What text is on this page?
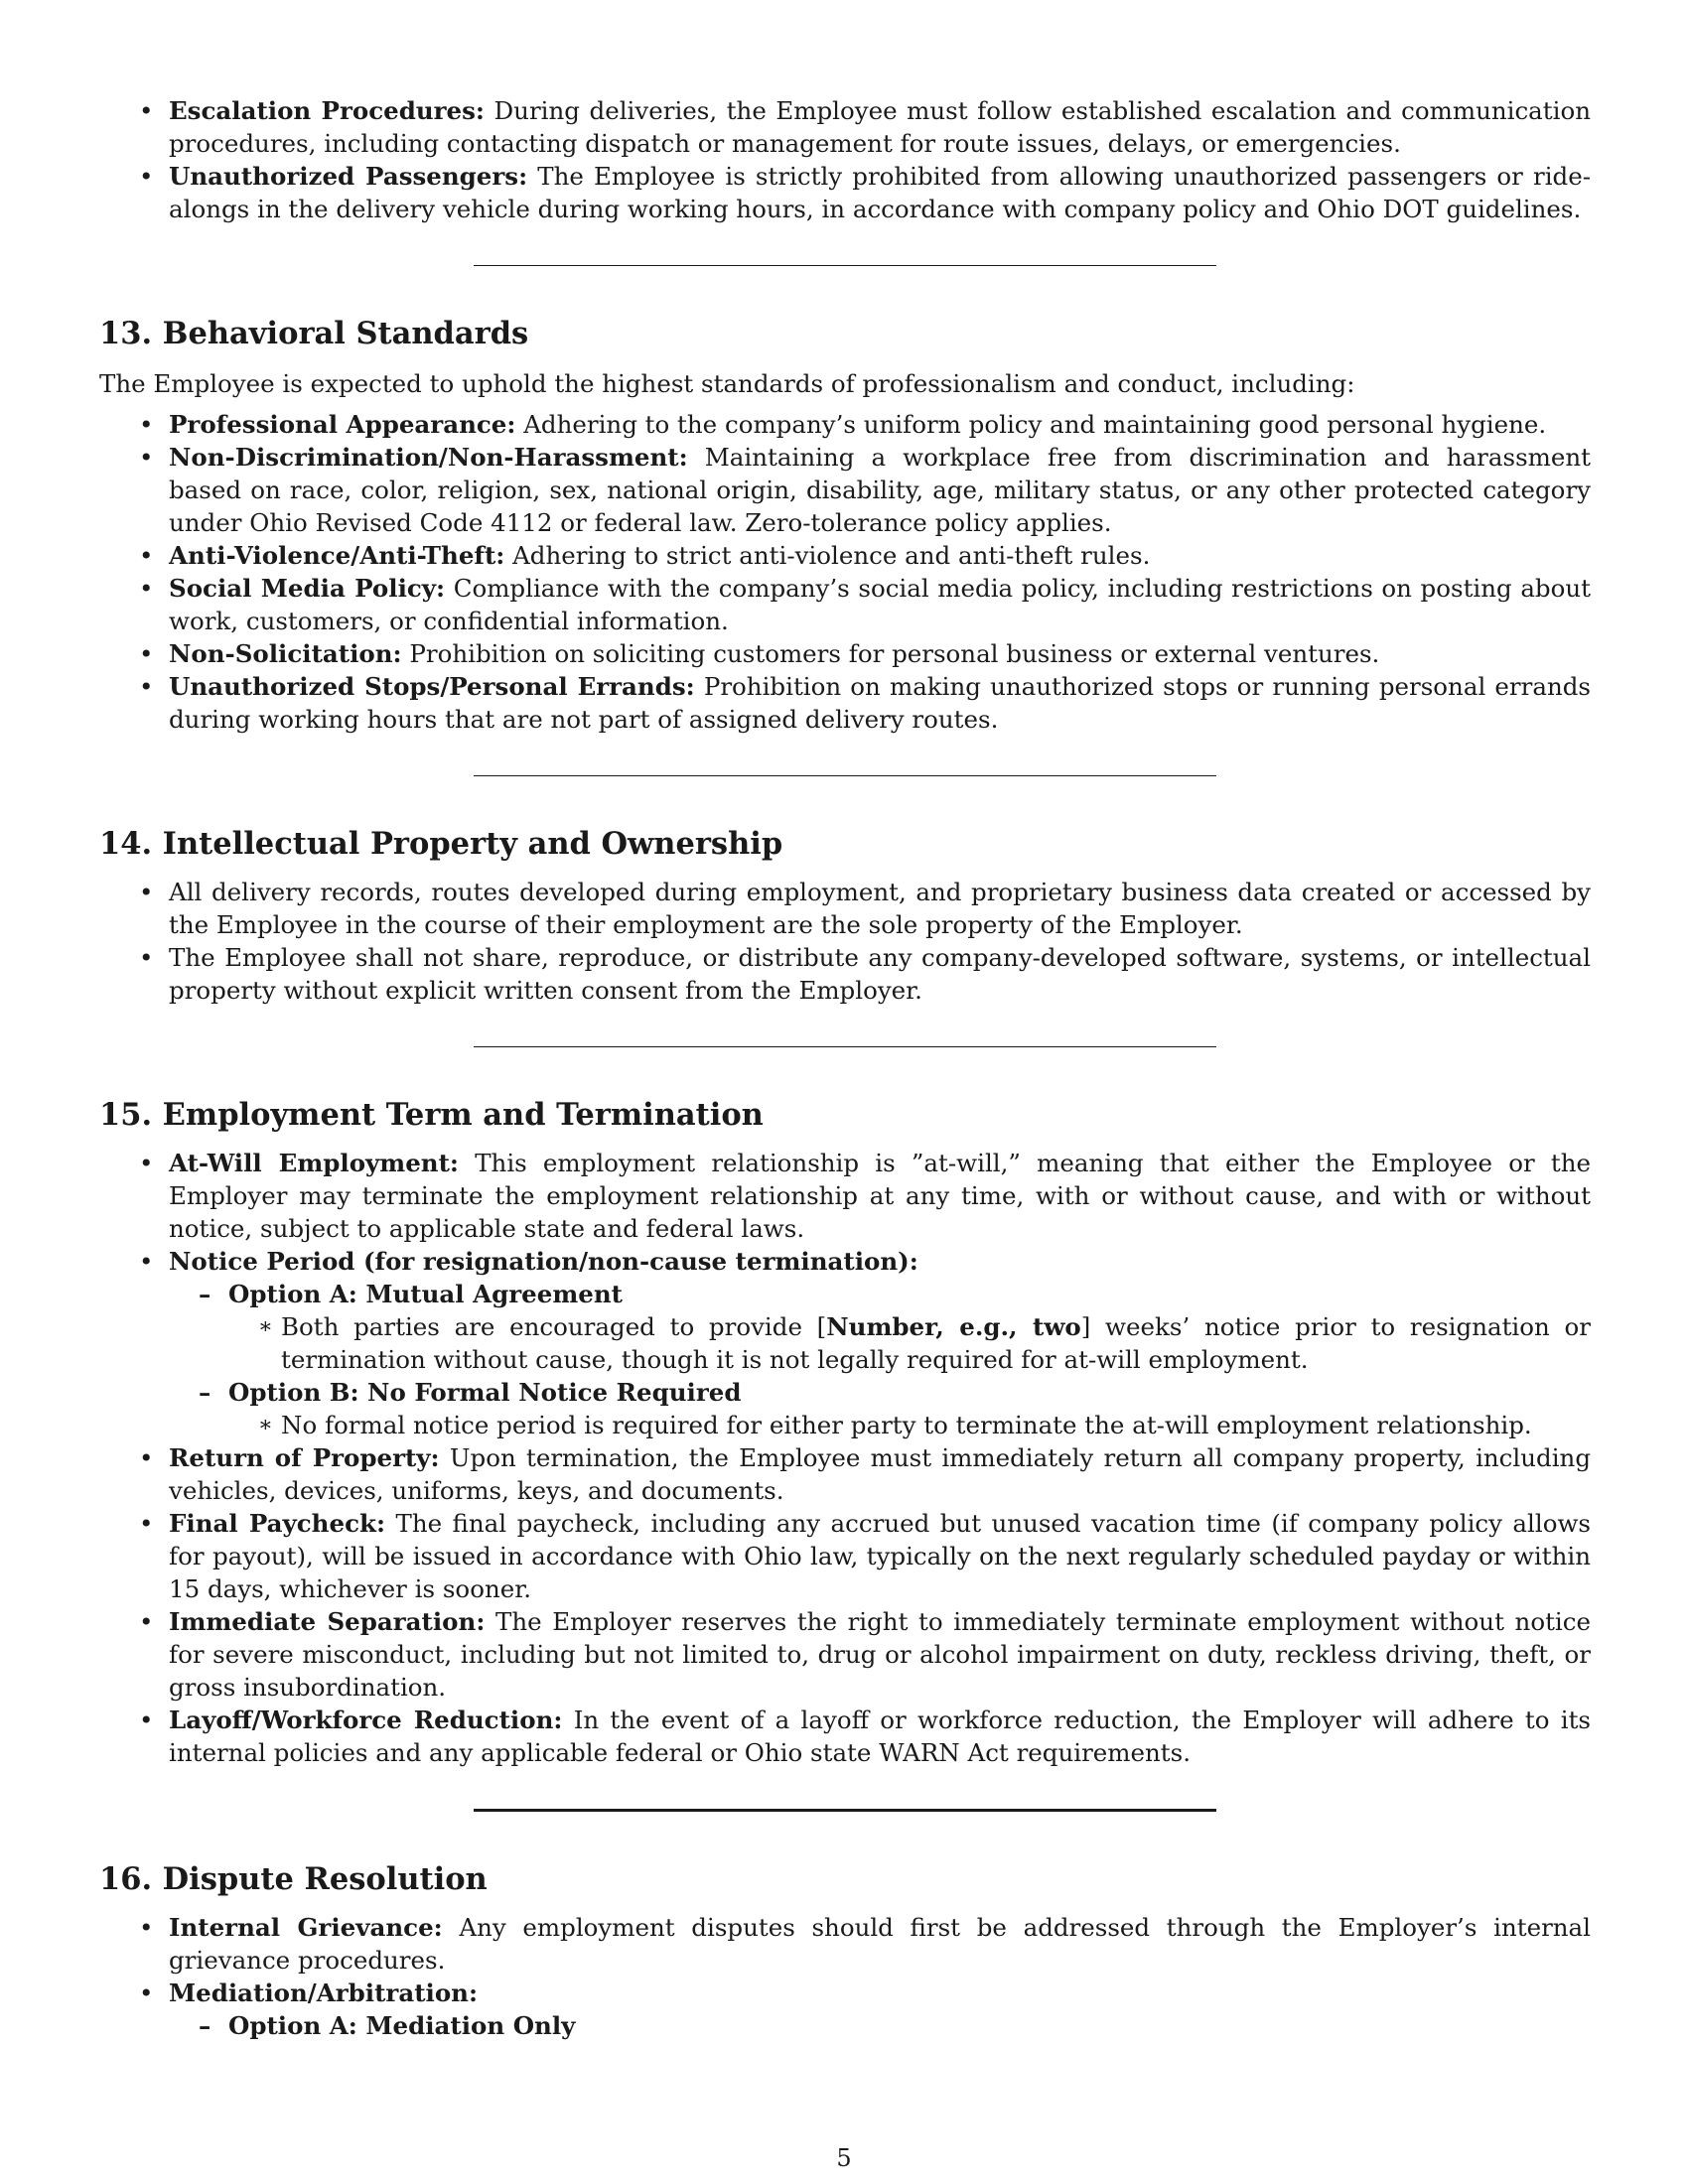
• Escalation Procedures: During deliveries, the Employee must follow established escalation and communication procedures, including contacting dispatch or management for route issues, delays, or emergencies.
• Unauthorized Passengers: The Employee is strictly prohibited from allowing unauthorized passengers or ride-alongs in the delivery vehicle during working hours, in accordance with company policy and Ohio DOT guidelines.
13. Behavioral Standards
The Employee is expected to uphold the highest standards of professionalism and conduct, including:
• Professional Appearance: Adhering to the company’s uniform policy and maintaining good personal hygiene.
• Non-Discrimination/Non-Harassment: Maintaining a workplace free from discrimination and harassment based on race, color, religion, sex, national origin, disability, age, military status, or any other protected category under Ohio Revised Code 4112 or federal law. Zero-tolerance policy applies.
• Anti-Violence/Anti-Theft: Adhering to strict anti-violence and anti-theft rules.
• Social Media Policy: Compliance with the company’s social media policy, including restrictions on posting about work, customers, or confidential information.
• Non-Solicitation: Prohibition on soliciting customers for personal business or external ventures.
• Unauthorized Stops/Personal Errands: Prohibition on making unauthorized stops or running personal errands during working hours that are not part of assigned delivery routes.
14. Intellectual Property and Ownership
• All delivery records, routes developed during employment, and proprietary business data created or accessed by the Employee in the course of their employment are the sole property of the Employer.
• The Employee shall not share, reproduce, or distribute any company-developed software, systems, or intellectual property without explicit written consent from the Employer.
15. Employment Term and Termination
• At-Will Employment: This employment relationship is ”at-will,” meaning that either the Employee or the Employer may terminate the employment relationship at any time, with or without cause, and with or without notice, subject to applicable state and federal laws.
• Notice Period (for resignation/non-cause termination):
– Option A: Mutual Agreement
∗ Both parties are encouraged to provide [Number, e.g., two] weeks’ notice prior to resignation or termination without cause, though it is not legally required for at-will employment.
– Option B: No Formal Notice Required
∗ No formal notice period is required for either party to terminate the at-will employment relationship.
• Return of Property: Upon termination, the Employee must immediately return all company property, including vehicles, devices, uniforms, keys, and documents.
• Final Paycheck: The final paycheck, including any accrued but unused vacation time (if company policy allows for payout), will be issued in accordance with Ohio law, typically on the next regularly scheduled payday or within 15 days, whichever is sooner.
• Immediate Separation: The Employer reserves the right to immediately terminate employment without notice for severe misconduct, including but not limited to, drug or alcohol impairment on duty, reckless driving, theft, or gross insubordination.
• Layoff/Workforce Reduction: In the event of a layoff or workforce reduction, the Employer will adhere to its internal policies and any applicable federal or Ohio state WARN Act requirements.
16. Dispute Resolution
• Internal Grievance: Any employment disputes should first be addressed through the Employer’s internal grievance procedures.
• Mediation/Arbitration:
– Option A: Mediation Only
5
